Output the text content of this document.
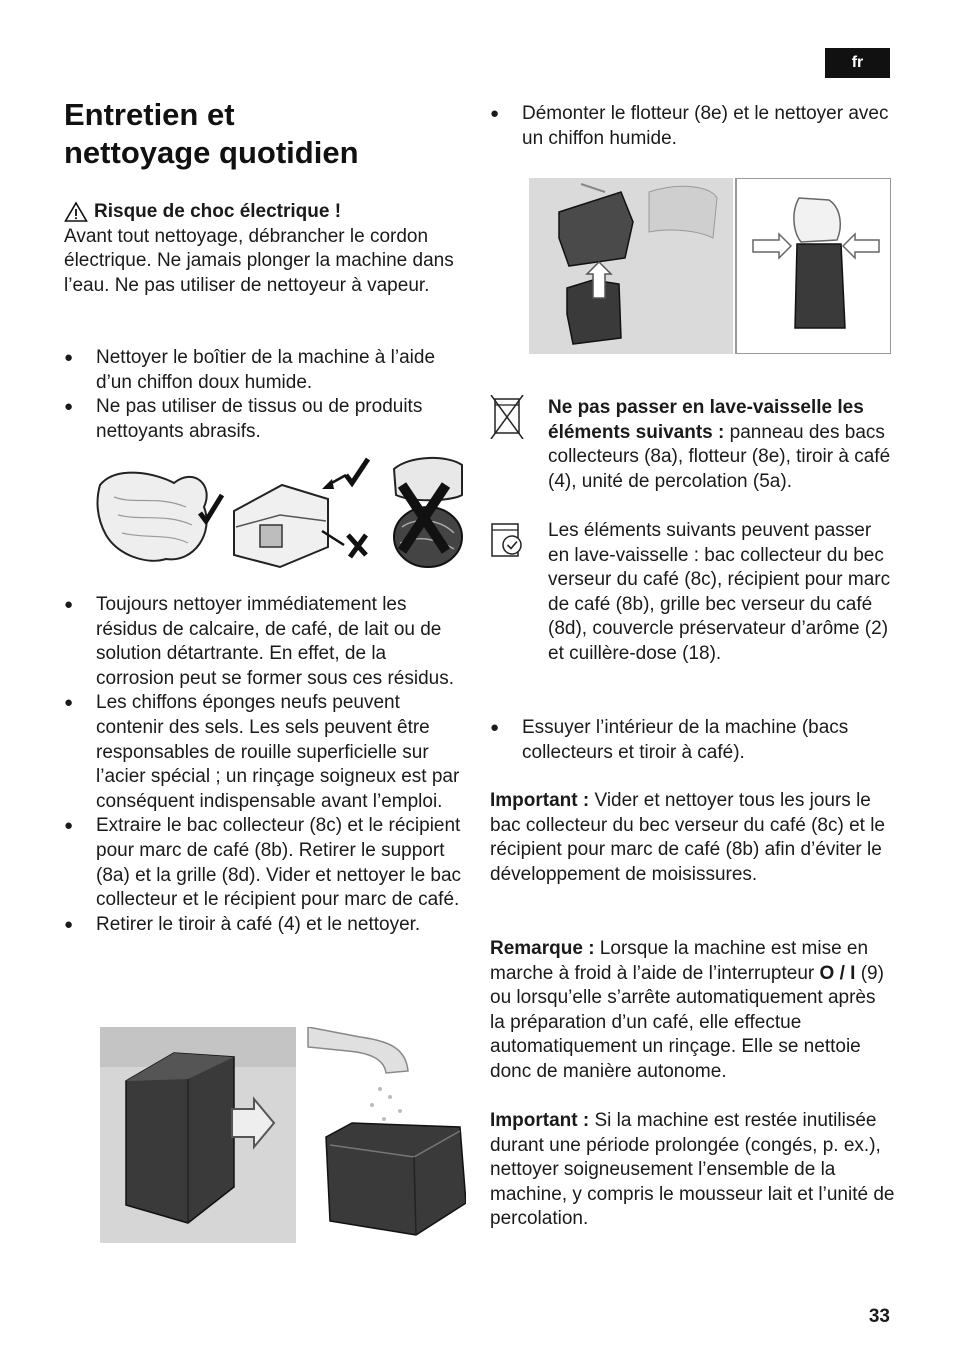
fr
Entretien et
nettoyage quotidien
Risque de choc électrique !

Avant tout nettoyage, débrancher le cordon électrique. Ne jamais plonger la machine dans l’eau. Ne pas utiliser de nettoyeur à vapeur.

● Nettoyer le boîtier de la machine à l’aide d’un chiffon doux humide.
● Ne pas utiliser de tissus ou de produits nettoyants abrasifs.
● Toujours nettoyer immédiatement les résidus de calcaire, de café, de lait ou de solution détartrante. En effet, de la corrosion peut se former sous ces résidus.
● Les chiffons éponges neufs peuvent contenir des sels. Les sels peuvent être responsables de rouille superficielle sur l’acier spécial ; un rinçage soigneux est par conséquent indispensable avant l’emploi.
● Extraire le bac collecteur (8c) et le récipient pour marc de café (8b). Retirer le support (8a) et la grille (8d). Vider et nettoyer le bac collecteur et le récipient pour marc de café.
● Retirer le tiroir à café (4) et le nettoyer.
● Démonter le flotteur (8e) et le nettoyer avec un chiffon humide.

Ne pas passer en lave-vaisselle les éléments suivants : panneau des bacs collecteurs (8a), flotteur (8e), tiroir à café (4), unité de percolation (5a).

Les éléments suivants peuvent passer en lave-vaisselle : bac collecteur du bec verseur du café (8c), récipient pour marc de café (8b), grille bec verseur du café (8d), couvercle préservateur d’arôme (2) et cuillère-dose (18).

● Essuyer l’intérieur de la machine (bacs collecteurs et tiroir à café).

Important : Vider et nettoyer tous les jours le bac collecteur du bec verseur du café (8c) et le récipient pour marc de café (8b) afin d’éviter le développement de moisissures.

Remarque : Lorsque la machine est mise en marche à froid à l’aide de l’interrupteur O / I (9) ou lorsqu’elle s’arrête automatiquement après la préparation d’un café, elle effectue automatiquement un rinçage. Elle se nettoie donc de manière autonome.

Important : Si la machine est restée inutilisée durant une période prolongée (congés, p. ex.), nettoyer soigneusement l’ensemble de la machine, y compris le mousseur lait et l’unité de percolation.

33
